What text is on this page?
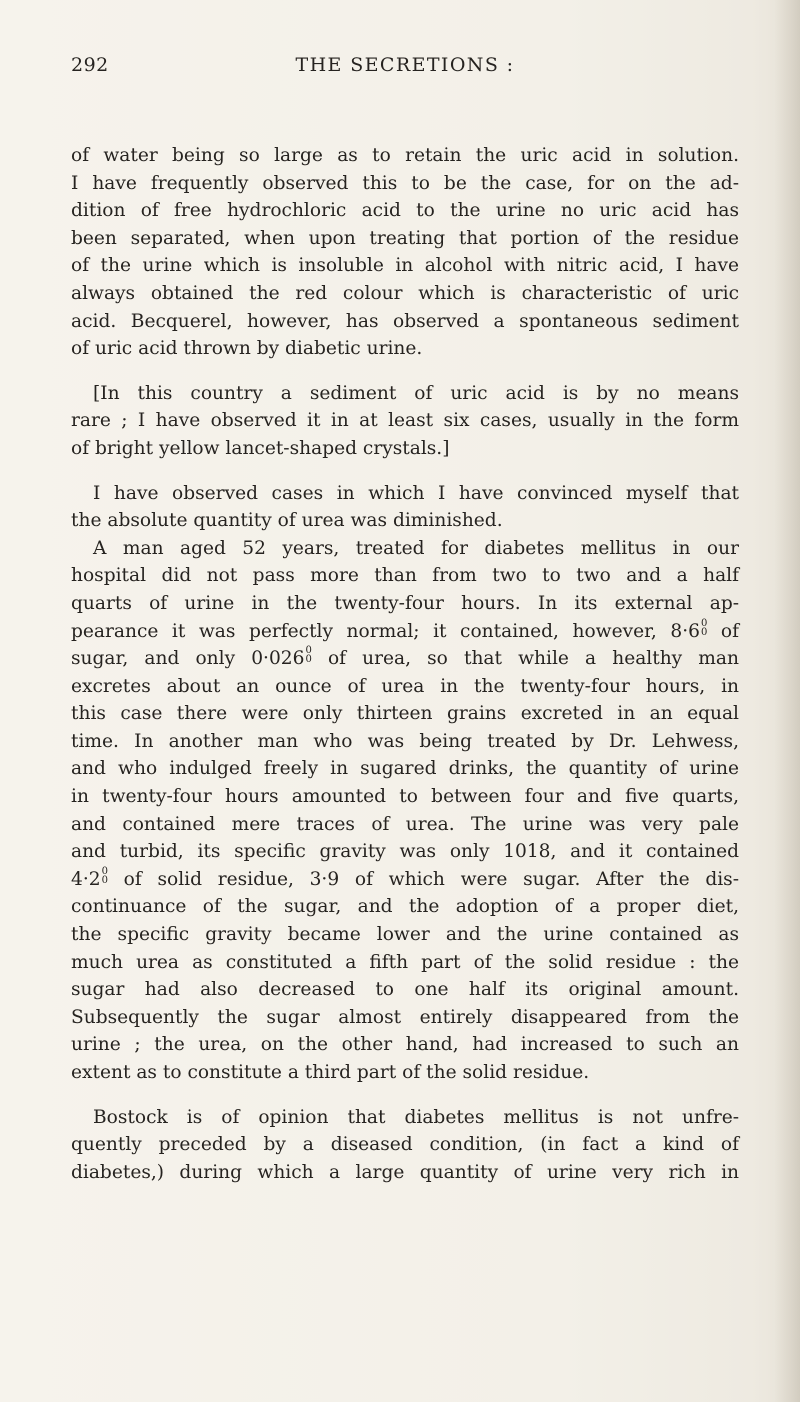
292	THE SECRETIONS :
of water being so large as to retain the uric acid in solution.
I have frequently observed this to be the case, for on the ad-
dition of free hydrochloric acid to the urine no uric acid has
been separated, when upon treating that portion of the residue
of the urine which is insoluble in alcohol with nitric acid, I have
always obtained the red colour which is characteristic of uric
acid. Becquerel, however, has observed a spontaneous sediment
of uric acid thrown by diabetic urine.
[In this country a sediment of uric acid is by no means
rare ; I have observed it in at least six cases, usually in the form
of bright yellow lancet-shaped crystals.]
I have observed cases in which I have convinced myself that
the absolute quantity of urea was diminished.
A man aged 52 years, treated for diabetes mellitus in our
hospital did not pass more than from two to two and a half
quarts of urine in the twenty-four hours. In its external ap-
pearance it was perfectly normal; it contained, however, 8·6 0
0 of
sugar, and only 0·026 0
0 of urea, so that while a healthy man
excretes about an ounce of urea in the twenty-four hours, in
this case there were only thirteen grains excreted in an equal
time. In another man who was being treated by Dr. Lehwess,
and who indulged freely in sugared drinks, the quantity of urine
in twenty-four hours amounted to between four and five quarts,
and contained mere traces of urea. The urine was very pale
and turbid, its specific gravity was only 1018, and it contained
4·2 0
0 of solid residue, 3·9 of which were sugar. After the dis-
continuance of the sugar, and the adoption of a proper diet,
the specific gravity became lower and the urine contained as
much urea as constituted a fifth part of the solid residue : the
sugar had also decreased to one half its original amount.
Subsequently the sugar almost entirely disappeared from the
urine ; the urea, on the other hand, had increased to such an
extent as to constitute a third part of the solid residue.
Bostock is of opinion that diabetes mellitus is not unfre-
quently preceded by a diseased condition, (in fact a kind of
diabetes,) during which a large quantity of urine very rich in
